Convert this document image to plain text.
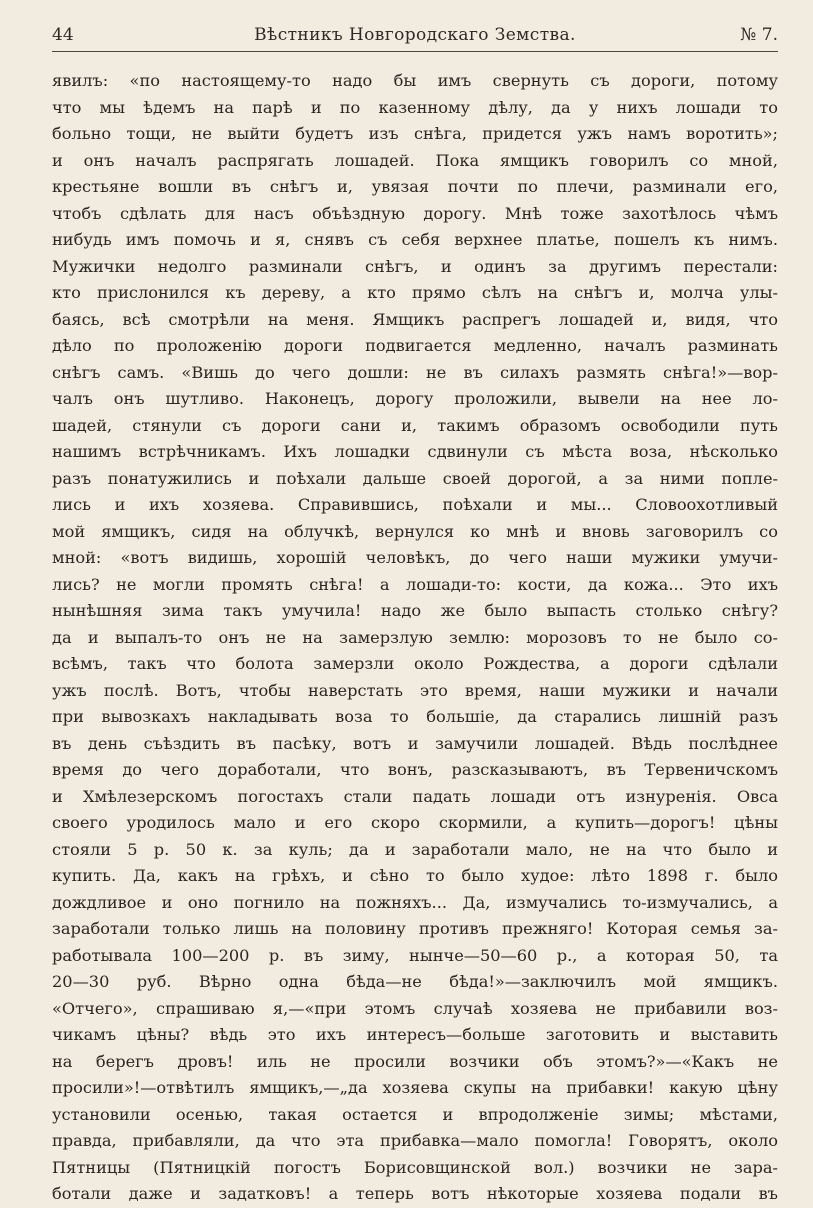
44	Вѣстникъ Новгородскаго Земства.	№ 7.
явилъ: «по настоящему-то надо бы имъ свернуть съ дороги, потому
что мы ѣдемъ на парѣ и по казенному дѣлу, да у нихъ лошади то
больно тощи, не выйти будетъ изъ снѣга, придется ужъ намъ воротить»;
и онъ началъ распрягать лошадей. Пока ямщикъ говорилъ со мной,
крестьяне вошли въ снѣгъ и, увязая почти по плечи, разминали его,
чтобъ сдѣлать для насъ объѣздную дорогу. Мнѣ тоже захотѣлось чѣмъ
нибудь имъ помочь и я, снявъ съ себя верхнее платье, пошелъ къ нимъ.
Мужички недолго разминали снѣгъ, и одинъ за другимъ перестали:
кто прислонился къ дереву, а кто прямо сѣлъ на снѣгъ и, молча улы-
баясь, всѣ смотрѣли на меня. Ямщикъ распрегъ лошадей и, видя, что
дѣло по проложенію дороги подвигается медленно, началъ разминать
снѣгъ самъ. «Вишь до чего дошли: не въ силахъ размять снѣга!»—вор-
чалъ онъ шутливо. Наконецъ, дорогу проложили, вывели на нее ло-
шадей, стянули съ дороги сани и, такимъ образомъ освободили путь
нашимъ встрѣчникамъ. Ихъ лошадки сдвинули съ мѣста воза, нѣсколько
разъ понатужились и поѣхали дальше своей дорогой, а за ними попле-
лись и ихъ хозяева. Справившись, поѣхали и мы... Словоохотливый
мой ямщикъ, сидя на облучкѣ, вернулся ко мнѣ и вновь заговорилъ со
мной: «вотъ видишь, хорошій человѣкъ, до чего наши мужики умучи-
лись? не могли промять снѣга! а лошади-то: кости, да кожа... Это ихъ
нынѣшняя зима такъ умучила! надо же было выпасть столько снѣгу?
да и выпалъ-то онъ не на замерзлую землю: морозовъ то не было со-
всѣмъ, такъ что болота замерзли около Рождества, а дороги сдѣлали
ужъ послѣ. Вотъ, чтобы наверстать это время, наши мужики и начали
при вывозкахъ накладывать воза то большіе, да старались лишній разъ
въ день съѣздить въ пасѣку, вотъ и замучили лошадей. Вѣдь послѣднее
время до чего доработали, что вонъ, разсказываютъ, въ Тервеничскомъ
и Хмѣлезерскомъ погостахъ стали падать лошади отъ изнуренія. Овса
своего уродилось мало и его скоро скормили, а купить—дорогъ! цѣны
стояли 5 р. 50 к. за куль; да и заработали мало, не на что было и
купить. Да, какъ на грѣхъ, и сѣно то было худое: лѣто 1898 г. было
дождливое и оно погнило на пожняхъ... Да, измучались то-измучались, а
заработали только лишь на половину противъ прежняго! Которая семья за-
работывала 100—200 р. въ зиму, нынче—50—60 р., а которая 50, та
20—30 руб. Вѣрно одна бѣда—не бѣда!»—заключилъ мой ямщикъ.
«Отчего», спрашиваю я,—«при этомъ случаѣ хозяева не прибавили воз-
чикамъ цѣны? вѣдь это ихъ интересъ—больше заготовить и выставить
на берегъ дровъ! иль не просили возчики объ этомъ?»—«Какъ не
просили»!—отвѣтилъ ямщикъ,—„да хозяева скупы на прибавки! какую цѣну
установили осенью, такая остается и впродолженіе зимы; мѣстами,
правда, прибавляли, да что эта прибавка—мало помогла! Говорятъ, около
Пятницы (Пятницкій погостъ Борисовщинской вол.) возчики не зара-
ботали даже и задатковъ! а теперь вотъ нѣкоторые хозяева подали въ
